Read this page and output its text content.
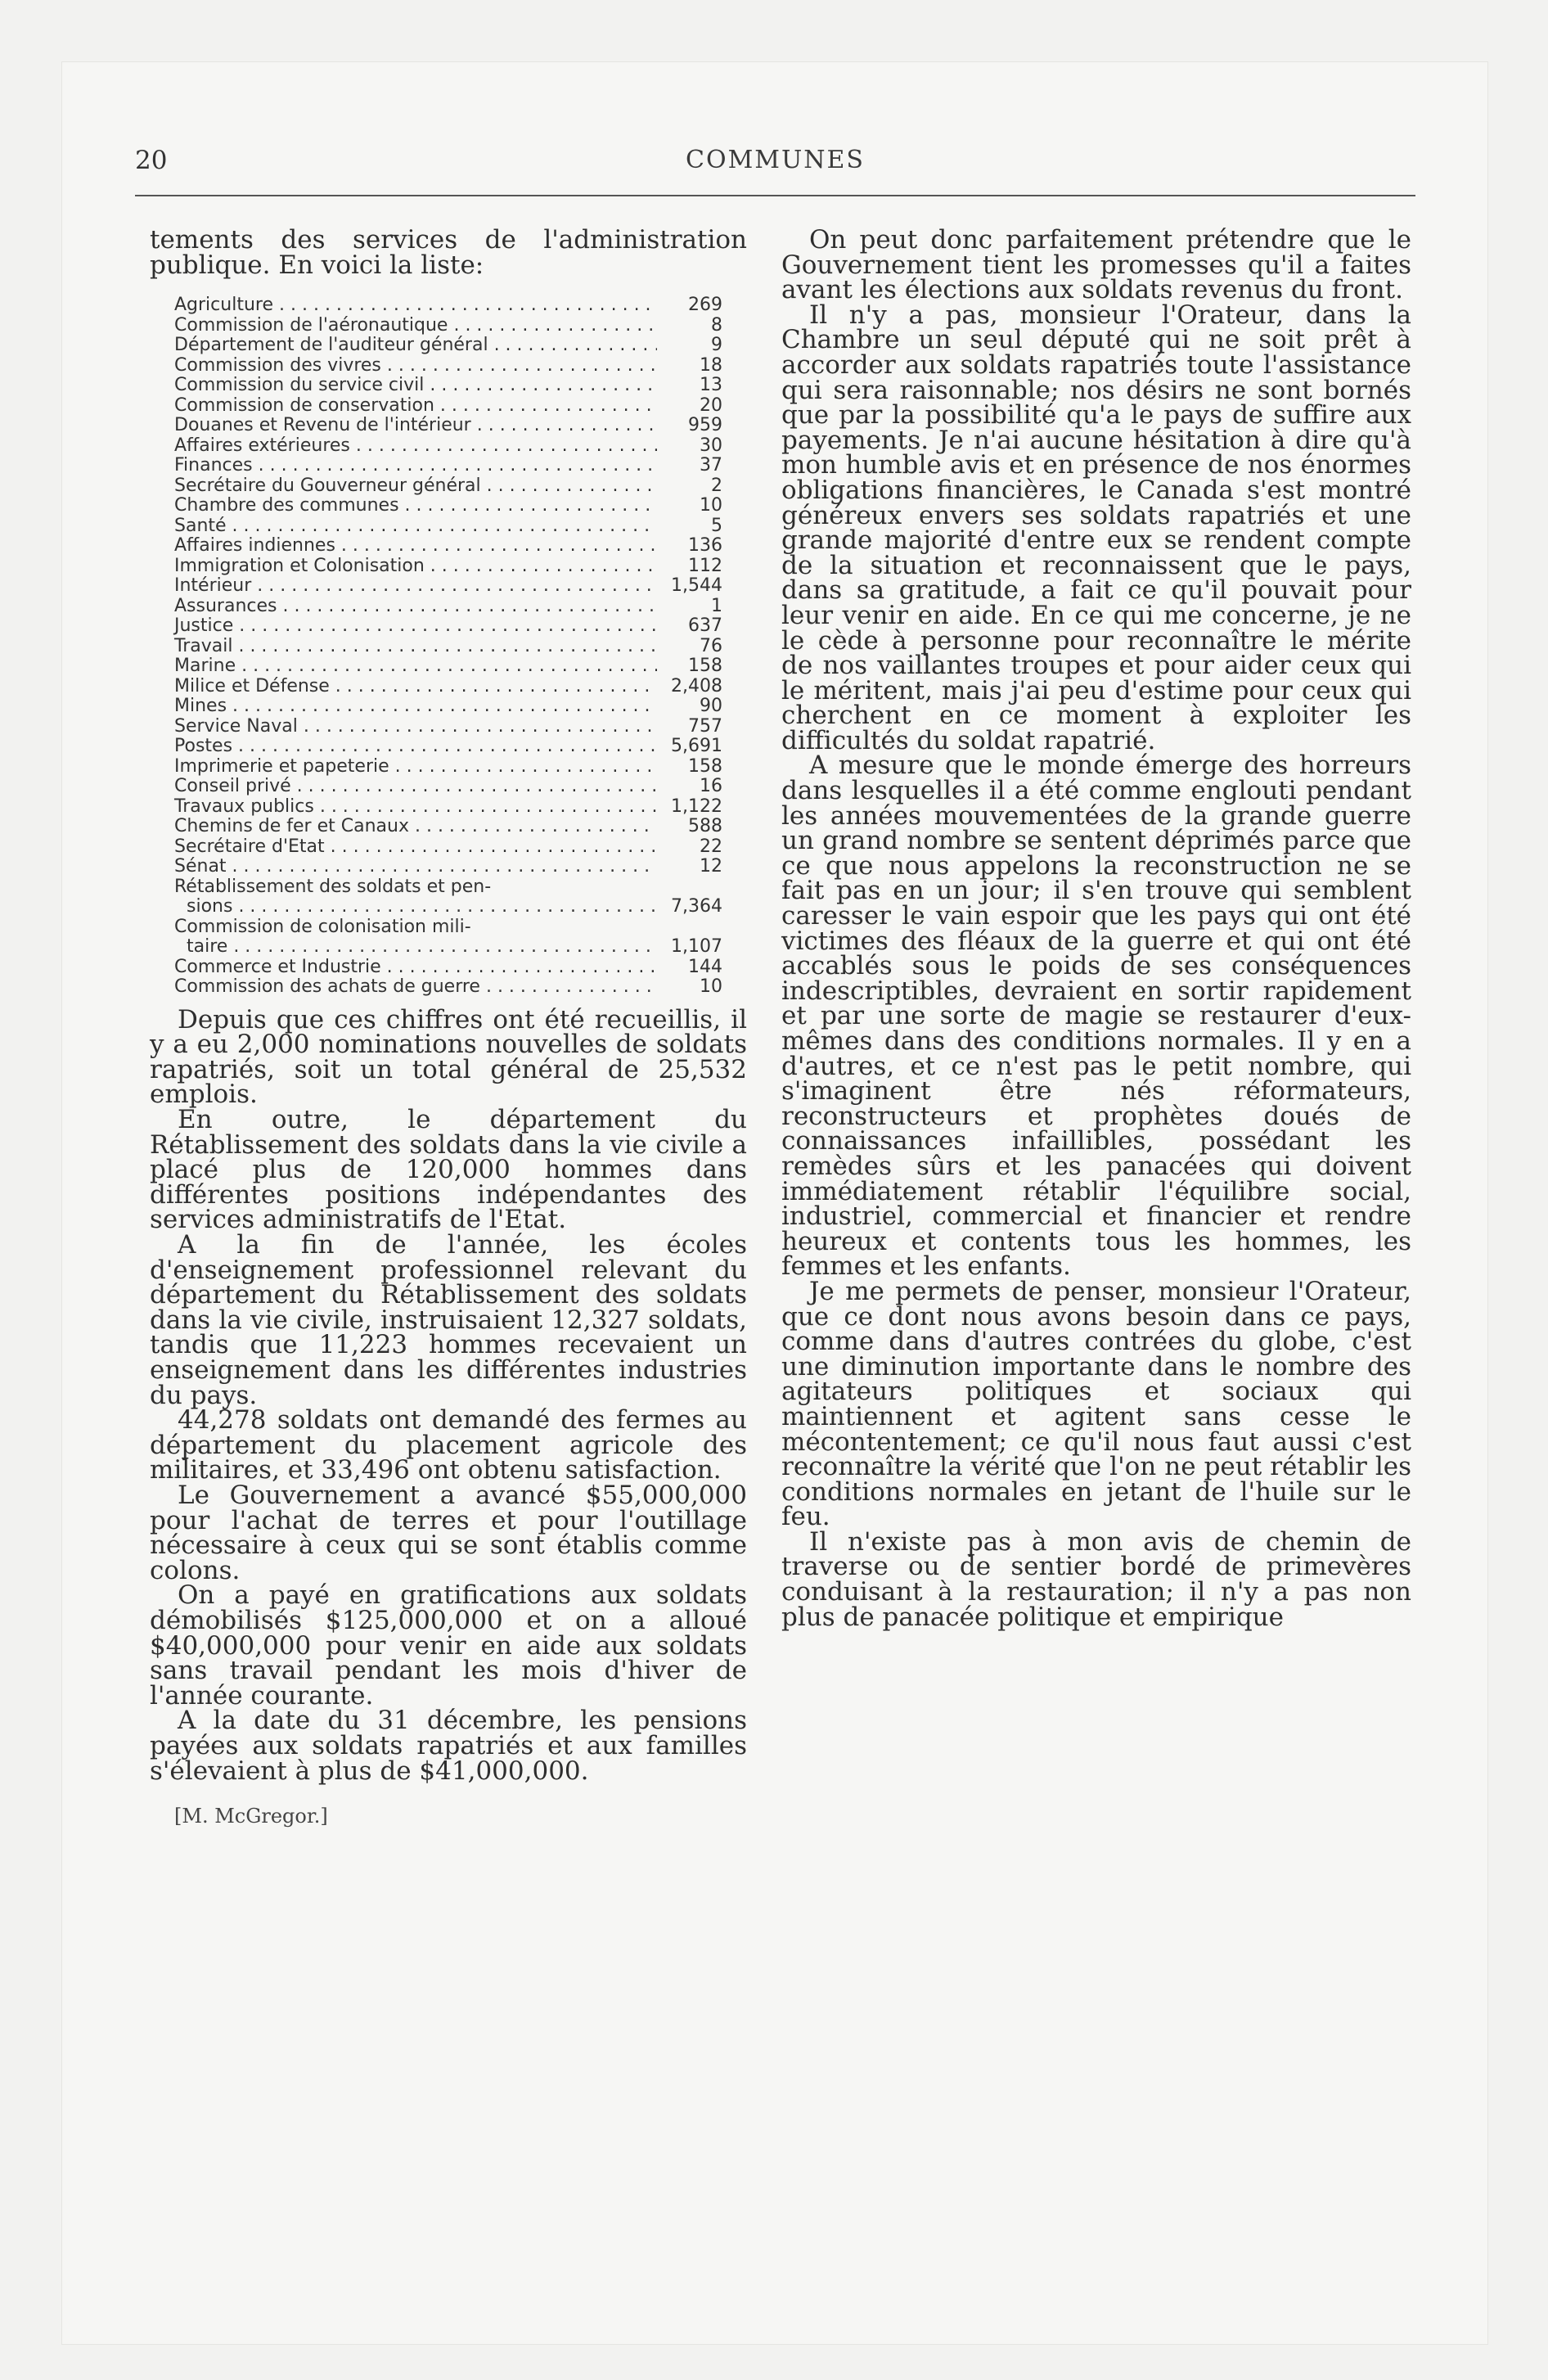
20	COMMUNES

tements des services de l'administration publique. En voici la liste:

Agriculture . . .	269
Commission de l'aéronautique . . .	8
Département de l'auditeur général . . .	9
Commission des vivres . . .	18
Commission du service civil . . .	13
Commission de conservation . . .	20
Douanes et Revenu de l'intérieur . . .	959
Affaires extérieures . . .	30
Finances . . .	37
Secrétaire du Gouverneur général . . .	2
Chambre des communes . . .	10
Santé . . .	5
Affaires indiennes . . .	136
Immigration et Colonisation . . .	112
Intérieur . . .	1,544
Assurances . . .	1
Justice . . .	637
Travail . . .	76
Marine . . .	158
Milice et Défense . . .	2,408
Mines . . .	90
Service Naval . . .	757
Postes . . .	5,691
Imprimerie et papeterie . . .	158
Conseil privé . . .	16
Travaux publics . . .	1,122
Chemins de fer et Canaux . . .	588
Secrétaire d'Etat . . .	22
Sénat . . .	12
Rétablissement des soldats et pen-
sions . . .	7,364
Commission de colonisation mili-
taire . . .	1,107
Commerce et Industrie . . .	144
Commission des achats de guerre . . .	10

Depuis que ces chiffres ont été recueillis, il y a eu 2,000 nominations nouvelles de soldats rapatriés, soit un total général de 25,532 emplois.

En outre, le département du Rétablissement des soldats dans la vie civile a placé plus de 120,000 hommes dans différentes positions indépendantes des services administratifs de l'Etat.

A la fin de l'année, les écoles d'enseignement professionnel relevant du département du Rétablissement des soldats dans la vie civile, instruisaient 12,327 soldats, tandis que 11,223 hommes recevaient un enseignement dans les différentes industries du pays.

44,278 soldats ont demandé des fermes au département du placement agricole des militaires, et 33,496 ont obtenu satisfaction.

Le Gouvernement a avancé $55,000,000 pour l'achat de terres et pour l'outillage nécessaire à ceux qui se sont établis comme colons.

On a payé en gratifications aux soldats démobilisés $125,000,000 et on a alloué $40,000,000 pour venir en aide aux soldats sans travail pendant les mois d'hiver de l'année courante.

A la date du 31 décembre, les pensions payées aux soldats rapatriés et aux familles s'élevaient à plus de $41,000,000.

[M. McGregor.]

On peut donc parfaitement prétendre que le Gouvernement tient les promesses qu'il a faites avant les élections aux soldats revenus du front.

Il n'y a pas, monsieur l'Orateur, dans la Chambre un seul député qui ne soit prêt à accorder aux soldats rapatriés toute l'assistance qui sera raisonnable; nos désirs ne sont bornés que par la possibilité qu'a le pays de suffire aux payements. Je n'ai aucune hésitation à dire qu'à mon humble avis et en présence de nos énormes obligations financières, le Canada s'est montré généreux envers ses soldats rapatriés et une grande majorité d'entre eux se rendent compte de la situation et reconnaissent que le pays, dans sa gratitude, a fait ce qu'il pouvait pour leur venir en aide. En ce qui me concerne, je ne le cède à personne pour reconnaître le mérite de nos vaillantes troupes et pour aider ceux qui le méritent, mais j'ai peu d'estime pour ceux qui cherchent en ce moment à exploiter les difficultés du soldat rapatrié.

A mesure que le monde émerge des horreurs dans lesquelles il a été comme englouti pendant les années mouvementées de la grande guerre un grand nombre se sentent déprimés parce que ce que nous appelons la reconstruction ne se fait pas en un jour; il s'en trouve qui semblent caresser le vain espoir que les pays qui ont été victimes des fléaux de la guerre et qui ont été accablés sous le poids de ses conséquences indescriptibles, devraient en sortir rapidement et par une sorte de magie se restaurer d'eux-mêmes dans des conditions normales. Il y en a d'autres, et ce n'est pas le petit nombre, qui s'imaginent être nés réformateurs, reconstructeurs et prophètes doués de connaissances infaillibles, possédant les remèdes sûrs et les panacées qui doivent immédiatement rétablir l'équilibre social, industriel, commercial et financier et rendre heureux et contents tous les hommes, les femmes et les enfants.

Je me permets de penser, monsieur l'Orateur, que ce dont nous avons besoin dans ce pays, comme dans d'autres contrées du globe, c'est une diminution importante dans le nombre des agitateurs politiques et sociaux qui maintiennent et agitent sans cesse le mécontentement; ce qu'il nous faut aussi c'est reconnaître la vérité que l'on ne peut rétablir les conditions normales en jetant de l'huile sur le feu.

Il n'existe pas à mon avis de chemin de traverse ou de sentier bordé de primevères conduisant à la restauration; il n'y a pas non plus de panacée politique et empirique
